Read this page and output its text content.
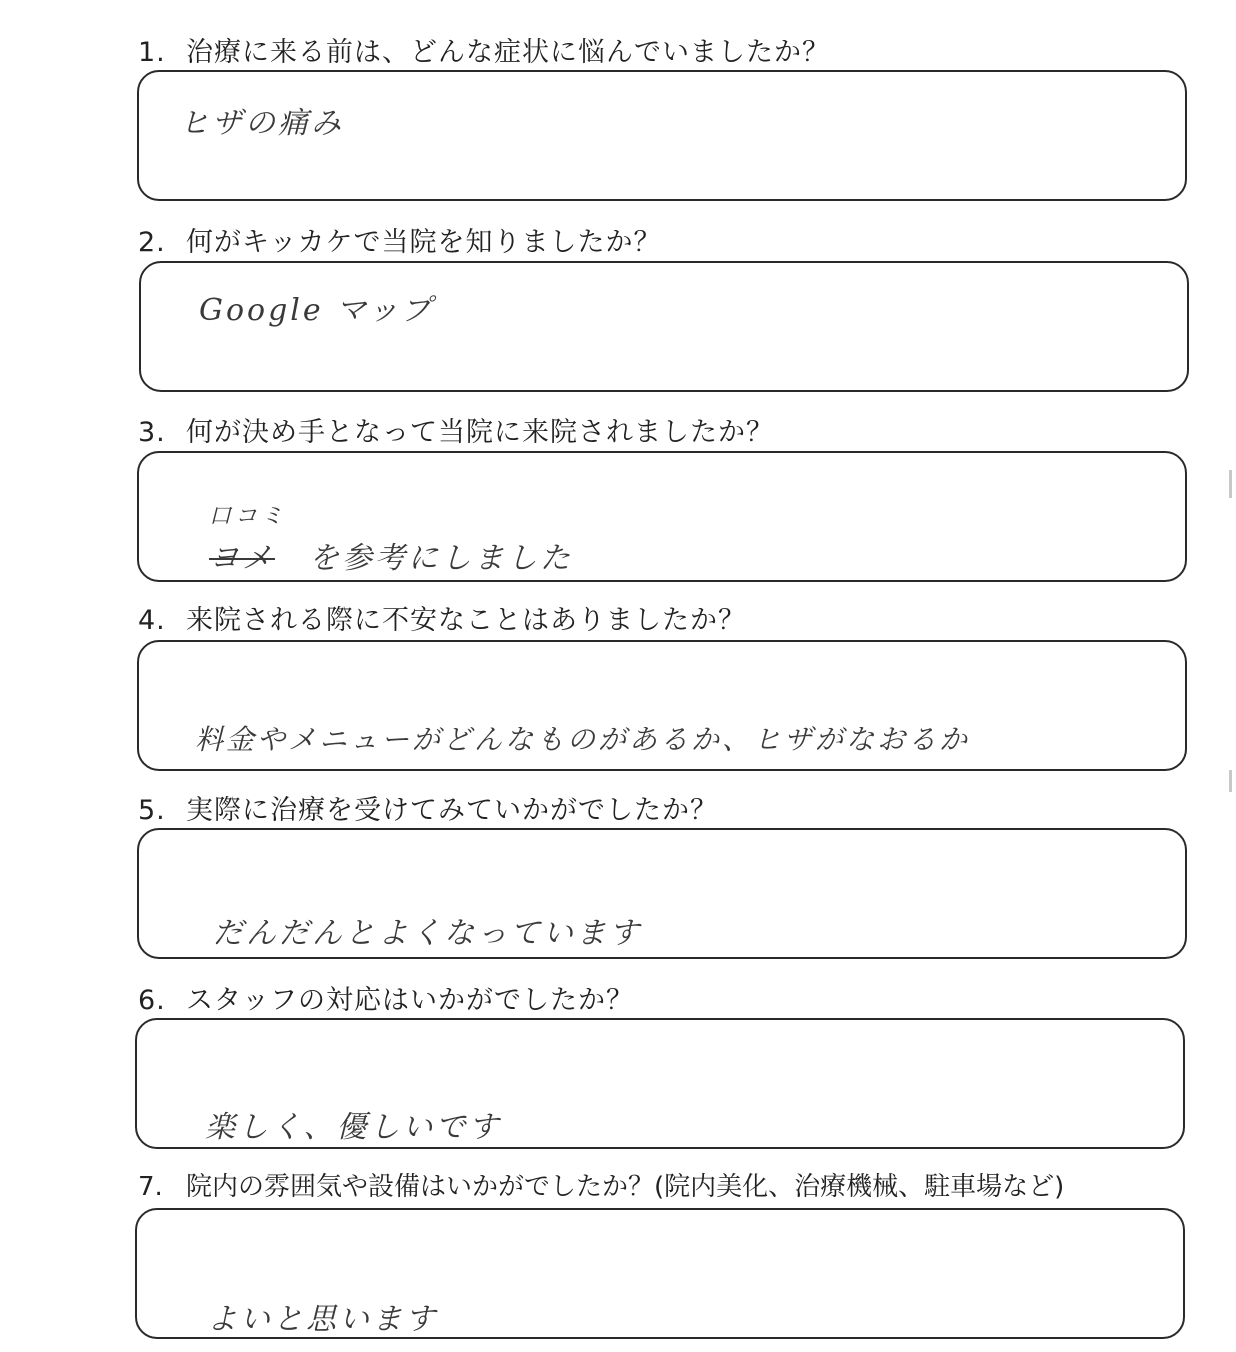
1. 治療に来る前は、どんな症状に悩んでいましたか？
ヒザの痛み
2. 何がキッカケで当院を知りましたか？
Google マップ
3. 何が決め手となって当院に来院されましたか？
口コミ
ヨメ を参考にしました
4. 来院される際に不安なことはありましたか？
料金やメニューがどんなものがあるか、ヒザがなおるか
5. 実際に治療を受けてみていかがでしたか？
だんだんとよくなっています
6. スタッフの対応はいかがでしたか？
楽しく、優しいです
7. 院内の雰囲気や設備はいかがでしたか？(院内美化、治療機械、駐車場など)
よいと思います
